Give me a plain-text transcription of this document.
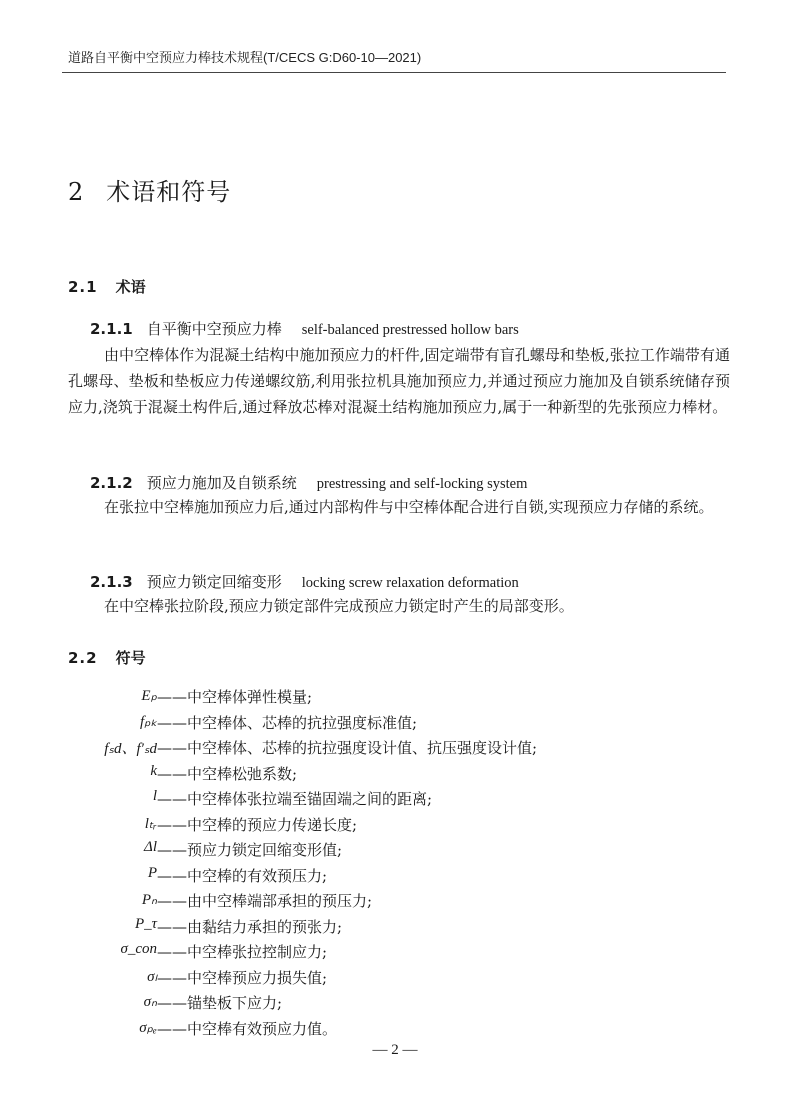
道路自平衡中空预应力棒技术规程(T/CECS G:D60-10—2021)
2 术语和符号
2.1 术语
2.1.1 自平衡中空预应力棒 self-balanced prestressed hollow bars
由中空棒体作为混凝土结构中施加预应力的杆件,固定端带有盲孔螺母和垫板,张拉工作端带有通孔螺母、垫板和垫板应力传递螺纹筋,利用张拉机具施加预应力,并通过预应力施加及自锁系统储存预应力,浇筑于混凝土构件后,通过释放芯棒对混凝土结构施加预应力,属于一种新型的先张预应力棒材。
2.1.2 预应力施加及自锁系统 prestressing and self-locking system
在张拉中空棒施加预应力后,通过内部构件与中空棒体配合进行自锁,实现预应力存储的系统。
2.1.3 预应力锁定回缩变形 locking screw relaxation deformation
在中空棒张拉阶段,预应力锁定部件完成预应力锁定时产生的局部变形。
2.2 符号
Eₚ ——中空棒体弹性模量;
fₚₖ ——中空棒体、芯棒的抗拉强度标准值;
fₛd、f′ₛd ——中空棒体、芯棒的抗拉强度设计值、抗压强度设计值;
k ——中空棒松弛系数;
l ——中空棒体张拉端至锚固端之间的距离;
lₜᵣ ——中空棒的预应力传递长度;
Δl ——预应力锁定回缩变形值;
P ——中空棒的有效预压力;
Pₙ ——由中空棒端部承担的预压力;
P_τ ——由黏结力承担的预张力;
σ_con ——中空棒张拉控制应力;
σₗ ——中空棒预应力损失值;
σₙ ——锚垫板下应力;
σₚₑ ——中空棒有效预应力值。
— 2 —
